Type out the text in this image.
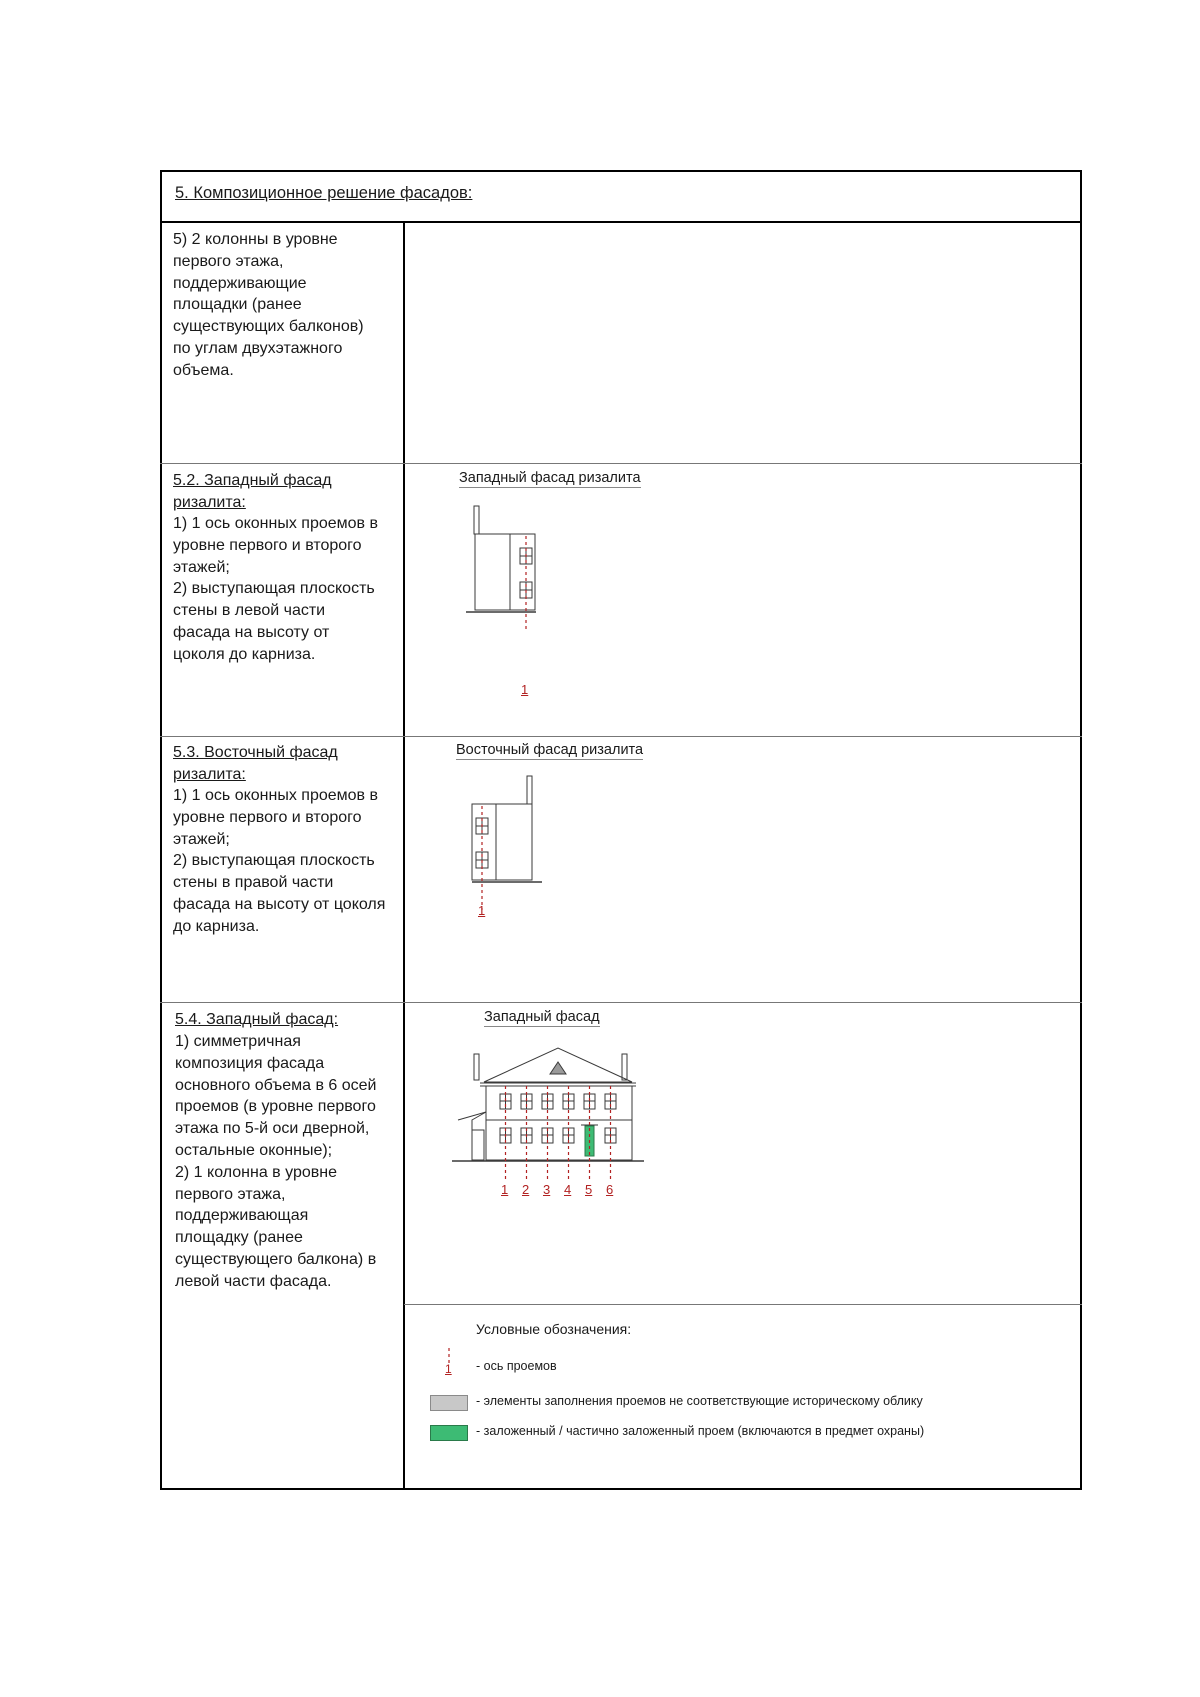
5. Композиционное решение фасадов:
5) 2 колонны в уровне
первого этажа,
поддерживающие
площадки (ранее
существующих балконов)
по углам двухэтажного
объема.
5.2. Западный фасад
ризалита:
1) 1 ось оконных проемов в
уровне первого и второго
этажей;
2) выступающая плоскость
стены в левой части
фасада на высоту от
цоколя до карниза.
Западный фасад ризалита
1
5.3. Восточный фасад
ризалита:
1) 1 ось оконных проемов в
уровне первого и второго
этажей;
2) выступающая плоскость
стены в правой части
фасада на высоту от цоколя
до карниза.
Восточный фасад ризалита
1
5.4. Западный фасад:
1) симметричная
композиция фасада
основного объема в 6 осей
проемов (в уровне первого
этажа по 5-й оси дверной,
остальные оконные);
2) 1 колонна в уровне
первого этажа,
поддерживающая
площадку (ранее
существующего балкона) в
левой части фасада.
Западный фасад
1 2 3 4 5 6
Условные обозначения:
1 - ось проемов
- элементы заполнения проемов не соответствующие историческому облику
- заложенный / частично заложенный проем (включаются в предмет охраны)
